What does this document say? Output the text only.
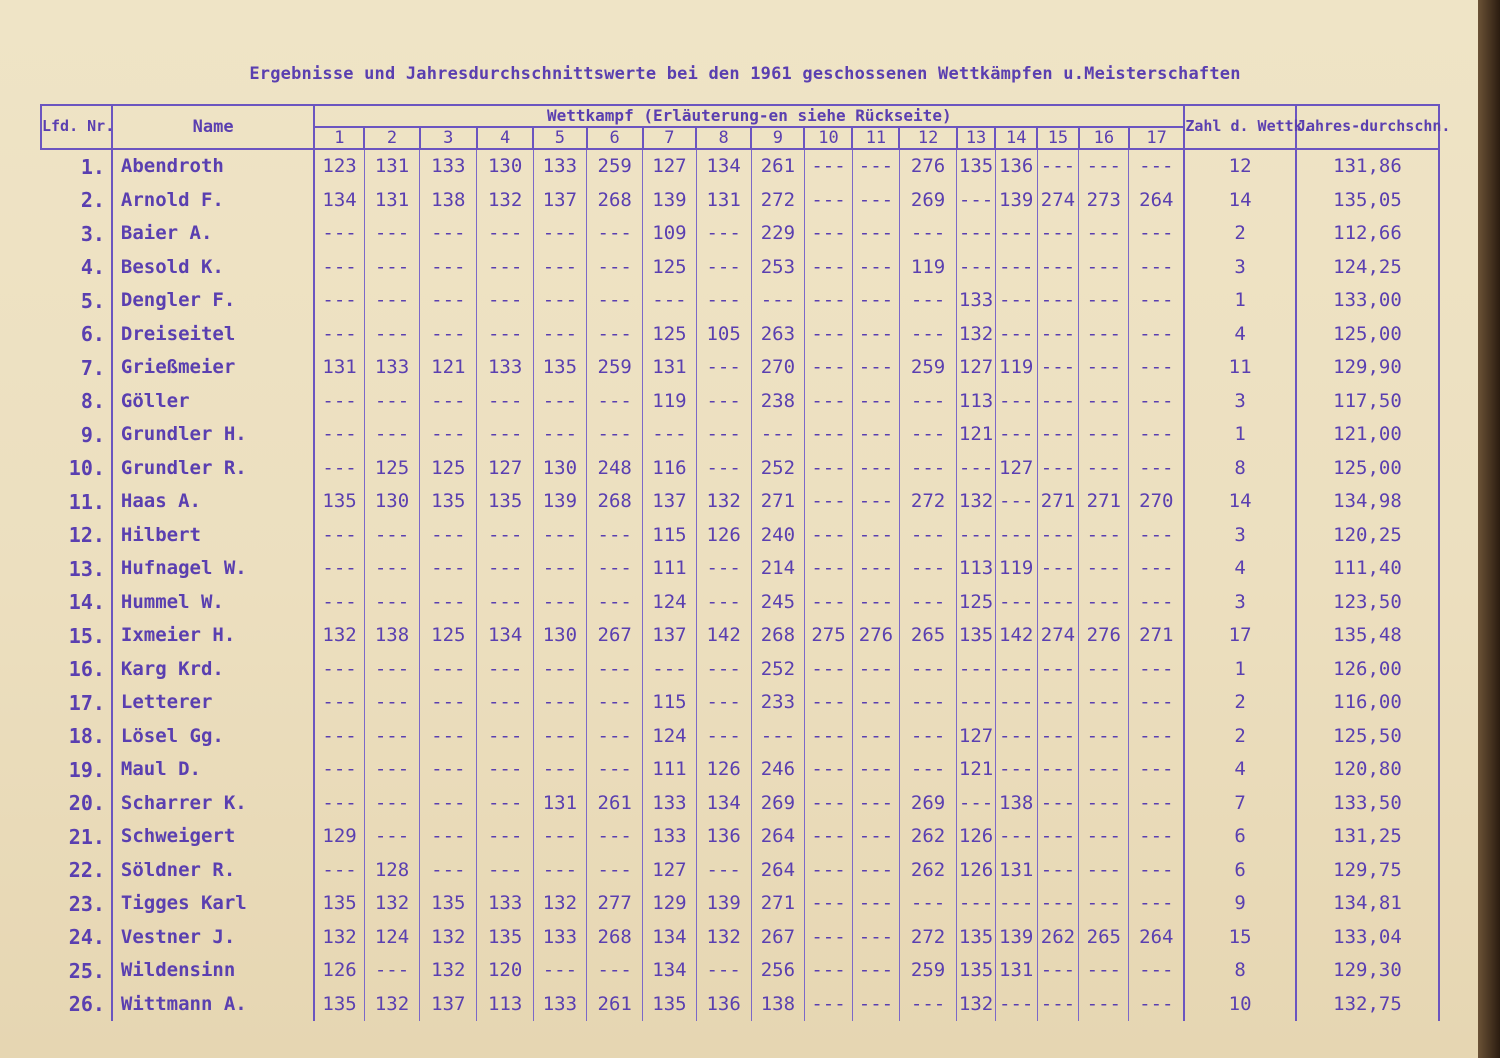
Ergebnisse und Jahresdurchschnittswerte bei den 1961 geschossenen Wettkämpfen u.Meisterschaften
Lfd. Nr.	Name	Wettkampf (Erläuterung-en siehe Rückseite)																	Zahl d. Wettk.	Jahres-durchschn.
		1	2	3	4	5	6	7	8	9	10	11	12	13	14	15	16	17		
1.	Abendroth	123	131	133	130	133	259	127	134	261	---	---	276	135	136	---	---	---	12	131,86
2.	Arnold F.	134	131	138	132	137	268	139	131	272	---	---	269	---	139	274	273	264	14	135,05
3.	Baier A.	---	---	---	---	---	---	109	---	229	---	---	---	---	---	---	---	---	2	112,66
4.	Besold K.	---	---	---	---	---	---	125	---	253	---	---	119	---	---	---	---	---	3	124,25
5.	Dengler F.	---	---	---	---	---	---	---	---	---	---	---	---	133	---	---	---	---	1	133,00
6.	Dreiseitel	---	---	---	---	---	---	125	105	263	---	---	---	132	---	---	---	---	4	125,00
7.	Grießmeier	131	133	121	133	135	259	131	---	270	---	---	259	127	119	---	---	---	11	129,90
8.	Göller	---	---	---	---	---	---	119	---	238	---	---	---	113	---	---	---	---	3	117,50
9.	Grundler H.	---	---	---	---	---	---	---	---	---	---	---	---	121	---	---	---	---	1	121,00
10.	Grundler R.	---	125	125	127	130	248	116	---	252	---	---	---	---	127	---	---	---	8	125,00
11.	Haas A.	135	130	135	135	139	268	137	132	271	---	---	272	132	---	271	271	270	14	134,98
12.	Hilbert	---	---	---	---	---	---	115	126	240	---	---	---	---	---	---	---	---	3	120,25
13.	Hufnagel W.	---	---	---	---	---	---	111	---	214	---	---	---	113	119	---	---	---	4	111,40
14.	Hummel W.	---	---	---	---	---	---	124	---	245	---	---	---	125	---	---	---	---	3	123,50
15.	Ixmeier H.	132	138	125	134	130	267	137	142	268	275	276	265	135	142	274	276	271	17	135,48
16.	Karg Krd.	---	---	---	---	---	---	---	---	252	---	---	---	---	---	---	---	---	1	126,00
17.	Letterer	---	---	---	---	---	---	115	---	233	---	---	---	---	---	---	---	---	2	116,00
18.	Lösel Gg.	---	---	---	---	---	---	124	---	---	---	---	---	127	---	---	---	---	2	125,50
19.	Maul D.	---	---	---	---	---	---	111	126	246	---	---	---	121	---	---	---	---	4	120,80
20.	Scharrer K.	---	---	---	---	131	261	133	134	269	---	---	269	---	138	---	---	---	7	133,50
21.	Schweigert	129	---	---	---	---	---	133	136	264	---	---	262	126	---	---	---	---	6	131,25
22.	Söldner R.	---	128	---	---	---	---	127	---	264	---	---	262	126	131	---	---	---	6	129,75
23.	Tigges Karl	135	132	135	133	132	277	129	139	271	---	---	---	---	---	---	---	---	9	134,81
24.	Vestner J.	132	124	132	135	133	268	134	132	267	---	---	272	135	139	262	265	264	15	133,04
25.	Wildensinn	126	---	132	120	---	---	134	---	256	---	---	259	135	131	---	---	---	8	129,30
26.	Wittmann A.	135	132	137	113	133	261	135	136	138	---	---	---	132	---	---	---	---	10	132,75
